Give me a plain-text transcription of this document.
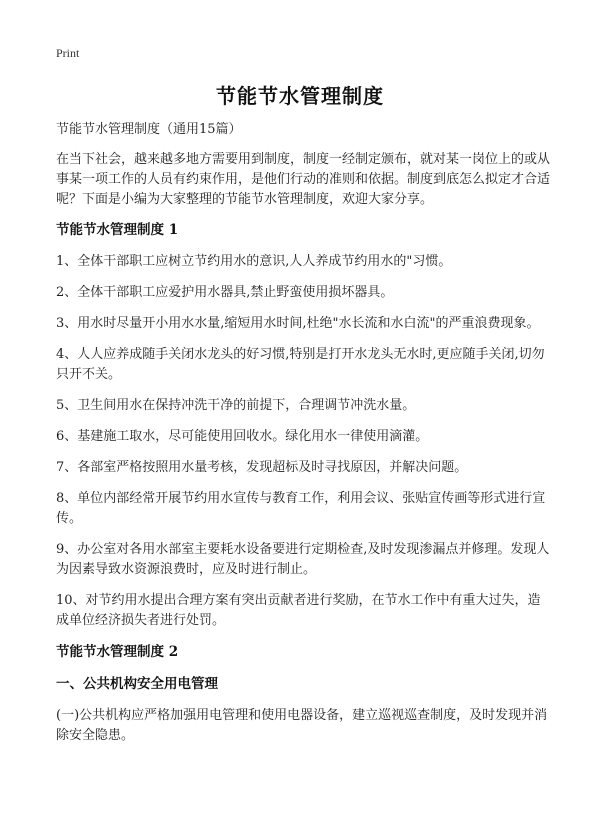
Print
节能节水管理制度
节能节水管理制度（通用15篇）
在当下社会，越来越多地方需要用到制度，制度一经制定颁布，就对某一岗位上的或从事某一项工作的人员有约束作用，是他们行动的准则和依据。制度到底怎么拟定才合适呢？下面是小编为大家整理的节能节水管理制度，欢迎大家分享。
节能节水管理制度 1
1、全体干部职工应树立节约用水的意识,人人养成节约用水的"习惯。
2、全体干部职工应爱护用水器具,禁止野蛮使用损坏器具。
3、用水时尽量开小用水水量,缩短用水时间,杜绝"水长流和水白流"的严重浪费现象。
4、人人应养成随手关闭水龙头的好习惯,特别是打开水龙头无水时,更应随手关闭,切勿只开不关。
5、卫生间用水在保持冲洗干净的前提下，合理调节冲洗水量。
6、基建施工取水，尽可能使用回收水。绿化用水一律使用滴灌。
7、各部室严格按照用水量考核，发现超标及时寻找原因，并解决问题。
8、单位内部经常开展节约用水宣传与教育工作，利用会议、张贴宣传画等形式进行宣传。
9、办公室对各用水部室主要耗水设备要进行定期检查,及时发现渗漏点并修理。发现人为因素导致水资源浪费时，应及时进行制止。
10、对节约用水提出合理方案有突出贡献者进行奖励，在节水工作中有重大过失，造成单位经济损失者进行处罚。
节能节水管理制度 2
一、公共机构安全用电管理
(一)公共机构应严格加强用电管理和使用电器设备，建立巡视巡查制度，及时发现并消除安全隐患。
